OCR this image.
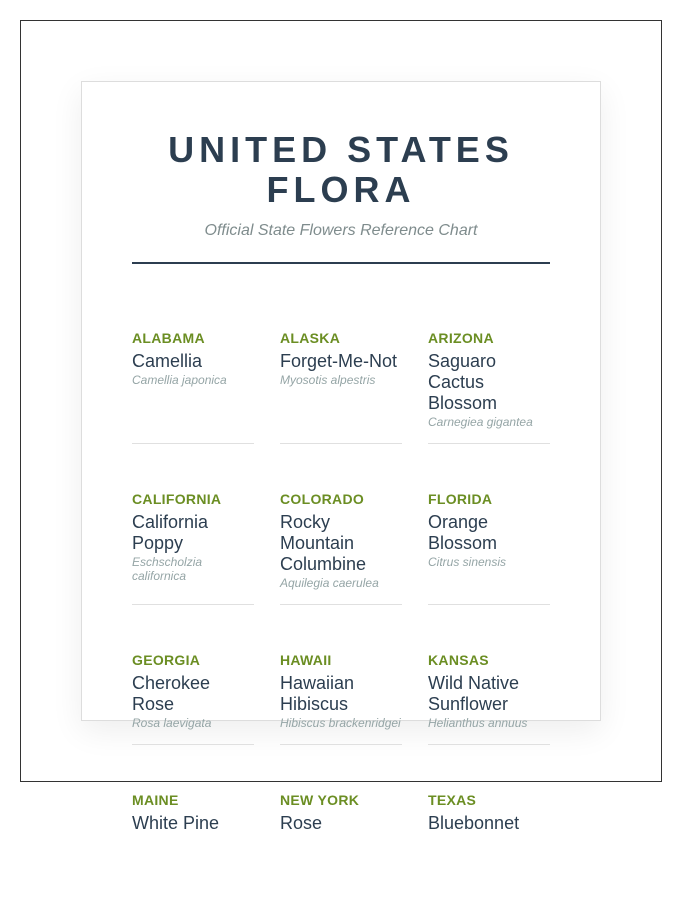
UNITED STATES FLORA
Official State Flowers Reference Chart
ALABAMA
Camellia
Camellia japonica
ALASKA
Forget-Me-Not
Myosotis alpestris
ARIZONA
Saguaro Cactus Blossom
Carnegiea gigantea
CALIFORNIA
California Poppy
Eschscholzia californica
COLORADO
Rocky Mountain Columbine
Aquilegia caerulea
FLORIDA
Orange Blossom
Citrus sinensis
GEORGIA
Cherokee Rose
Rosa laevigata
HAWAII
Hawaiian Hibiscus
Hibiscus brackenridgei
KANSAS
Wild Native Sunflower
Helianthus annuus
MAINE
White Pine
NEW YORK
Rose
TEXAS
Bluebonnet
